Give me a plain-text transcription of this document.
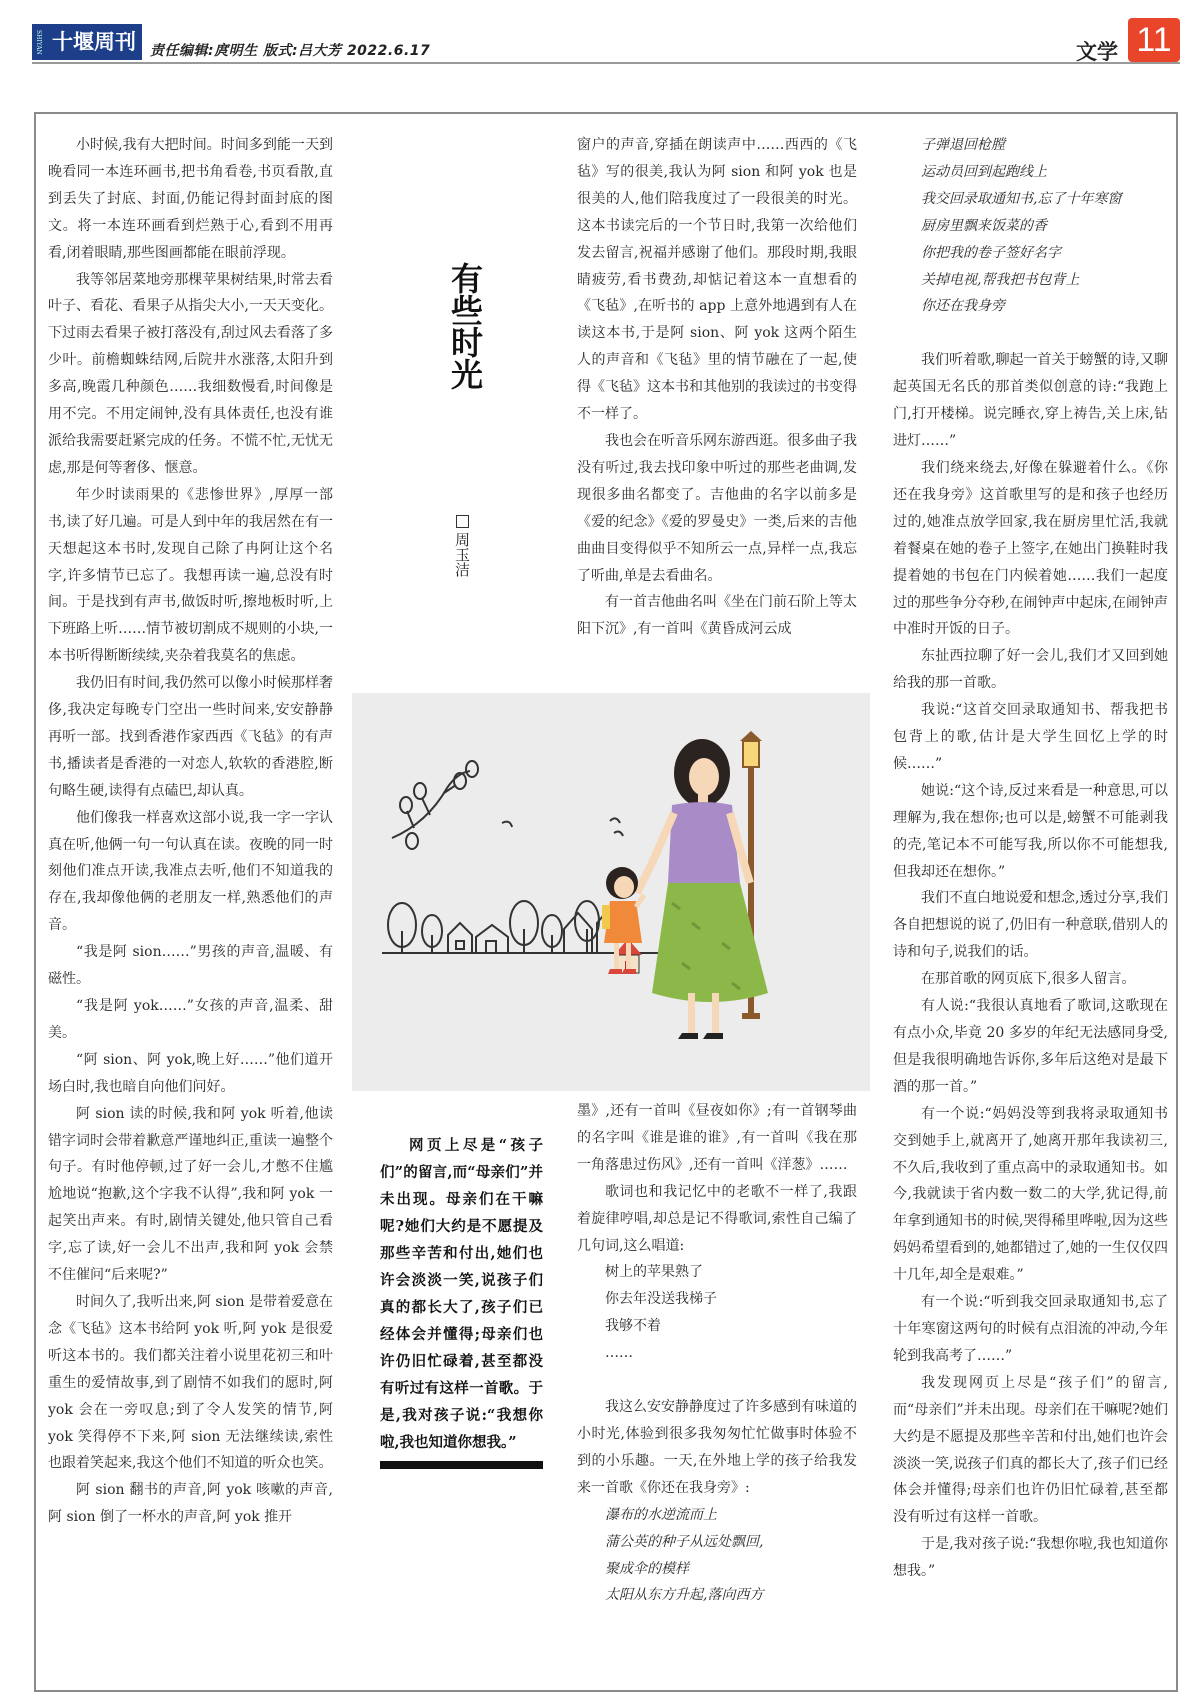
SHIYAN 十堰周刊	责任编辑:庹明生 版式:吕大芳 2022.6.17	文学 11

小时候,我有大把时间。时间多到能一天到晚看同一本连环画书,把书角看卷,书页看散,直到丢失了封底、封面,仍能记得封面封底的图文。将一本连环画看到烂熟于心,看到不用再看,闭着眼睛,那些图画都能在眼前浮现。

我等邻居菜地旁那棵苹果树结果,时常去看叶子、看花、看果子从指尖大小,一天天变化。下过雨去看果子被打落没有,刮过风去看落了多少叶。前檐蜘蛛结网,后院井水涨落,太阳升到多高,晚霞几种颜色……我细数慢看,时间像是用不完。不用定闹钟,没有具体责任,也没有谁派给我需要赶紧完成的任务。不慌不忙,无忧无虑,那是何等奢侈、惬意。

年少时读雨果的《悲惨世界》,厚厚一部书,读了好几遍。可是人到中年的我居然在有一天想起这本书时,发现自己除了冉阿让这个名字,许多情节已忘了。我想再读一遍,总没有时间。于是找到有声书,做饭时听,擦地板时听,上下班路上听……情节被切割成不规则的小块,一本书听得断断续续,夹杂着我莫名的焦虑。

我仍旧有时间,我仍然可以像小时候那样奢侈,我决定每晚专门空出一些时间来,安安静静再听一部。找到香港作家西西《飞毡》的有声书,播读者是香港的一对恋人,软软的香港腔,断句略生硬,读得有点磕巴,却认真。

他们像我一样喜欢这部小说,我一字一字认真在听,他俩一句一句认真在读。夜晚的同一时刻他们准点开读,我准点去听,他们不知道我的存在,我却像他俩的老朋友一样,熟悉他们的声音。

“我是阿 sion……”男孩的声音,温暖、有磁性。

“我是阿 yok……”女孩的声音,温柔、甜美。

“阿 sion、阿 yok,晚上好……”他们道开场白时,我也暗自向他们问好。

阿 sion 读的时候,我和阿 yok 听着,他读错字词时会带着歉意严谨地纠正,重读一遍整个句子。有时他停顿,过了好一会儿,才憋不住尴尬地说“抱歉,这个字我不认得”,我和阿 yok 一起笑出声来。有时,剧情关键处,他只管自己看字,忘了读,好一会儿不出声,我和阿 yok 会禁不住催问“后来呢?”

时间久了,我听出来,阿 sion 是带着爱意在念《飞毡》这本书给阿 yok 听,阿 yok 是很爱听这本书的。我们都关注着小说里花初三和叶重生的爱情故事,到了剧情不如我们的愿时,阿 yok 会在一旁叹息;到了令人发笑的情节,阿 yok 笑得停不下来,阿 sion 无法继续读,索性也跟着笑起来,我这个他们不知道的听众也笑。

阿 sion 翻书的声音,阿 yok 咳嗽的声音,阿 sion 倒了一杯水的声音,阿 yok 推开

有些时光
周玉洁

窗户的声音,穿插在朗读声中……西西的《飞毡》写的很美,我认为阿 sion 和阿 yok 也是很美的人,他们陪我度过了一段很美的时光。这本书读完后的一个节日时,我第一次给他们发去留言,祝福并感谢了他们。那段时期,我眼睛疲劳,看书费劲,却惦记着这本一直想看的《飞毡》,在听书的 app 上意外地遇到有人在读这本书,于是阿 sion、阿 yok 这两个陌生人的声音和《飞毡》里的情节融在了一起,使得《飞毡》这本书和其他别的我读过的书变得不一样了。

我也会在听音乐网东游西逛。很多曲子我没有听过,我去找印象中听过的那些老曲调,发现很多曲名都变了。吉他曲的名字以前多是《爱的纪念》《爱的罗曼史》一类,后来的吉他曲曲目变得似乎不知所云一点,异样一点,我忘了听曲,单是去看曲名。

有一首吉他曲名叫《坐在门前石阶上等太阳下沉》,有一首叫《黄昏成河云成

网页上尽是“孩子们”的留言,而“母亲们”并未出现。母亲们在干嘛呢?她们大约是不愿提及那些辛苦和付出,她们也许会淡淡一笑,说孩子们真的都长大了,孩子们已经体会并懂得;母亲们也许仍旧忙碌着,甚至都没有听过有这样一首歌。于是,我对孩子说:“我想你啦,我也知道你想我。”

墨》,还有一首叫《昼夜如你》;有一首钢琴曲的名字叫《谁是谁的谁》,有一首叫《我在那一角落患过伤风》,还有一首叫《洋葱》……

歌词也和我记忆中的老歌不一样了,我跟着旋律哼唱,却总是记不得歌词,索性自己编了几句词,这么唱道:

树上的苹果熟了

你去年没送我梯子

我够不着

……

我这么安安静静度过了许多感到有味道的小时光,体验到很多我匆匆忙忙做事时体验不到的小乐趣。一天,在外地上学的孩子给我发来一首歌《你还在我身旁》:

瀑布的水逆流而上

蒲公英的种子从远处飘回,

聚成伞的模样

太阳从东方升起,落向西方

子弹退回枪膛

运动员回到起跑线上

我交回录取通知书,忘了十年寒窗

厨房里飘来饭菜的香

你把我的卷子签好名字

关掉电视,帮我把书包背上

你还在我身旁

我们听着歌,聊起一首关于螃蟹的诗,又聊起英国无名氏的那首类似创意的诗:“我跑上门,打开楼梯。说完睡衣,穿上祷告,关上床,钻进灯……”

我们绕来绕去,好像在躲避着什么。《你还在我身旁》这首歌里写的是和孩子也经历过的,她准点放学回家,我在厨房里忙活,我就着餐桌在她的卷子上签字,在她出门换鞋时我提着她的书包在门内候着她……我们一起度过的那些争分夺秒,在闹钟声中起床,在闹钟声中准时开饭的日子。

东扯西拉聊了好一会儿,我们才又回到她给我的那一首歌。

我说:“这首交回录取通知书、帮我把书包背上的歌,估计是大学生回忆上学的时候……”

她说:“这个诗,反过来看是一种意思,可以理解为,我在想你;也可以是,螃蟹不可能剥我的壳,笔记本不可能写我,所以你不可能想我,但我却还在想你。”

我们不直白地说爱和想念,透过分享,我们各自把想说的说了,仍旧有一种意联,借别人的诗和句子,说我们的话。

在那首歌的网页底下,很多人留言。

有人说:“我很认真地看了歌词,这歌现在有点小众,毕竟 20 多岁的年纪无法感同身受,但是我很明确地告诉你,多年后这绝对是最下酒的那一首。”

有一个说:“妈妈没等到我将录取通知书交到她手上,就离开了,她离开那年我读初三,不久后,我收到了重点高中的录取通知书。如今,我就读于省内数一数二的大学,犹记得,前年拿到通知书的时候,哭得稀里哗啦,因为这些妈妈希望看到的,她都错过了,她的一生仅仅四十几年,却全是艰难。”

有一个说:“听到我交回录取通知书,忘了十年寒窗这两句的时候有点泪流的冲动,今年轮到我高考了……”

我发现网页上尽是“孩子们”的留言,而“母亲们”并未出现。母亲们在干嘛呢?她们大约是不愿提及那些辛苦和付出,她们也许会淡淡一笑,说孩子们真的都长大了,孩子们已经体会并懂得;母亲们也许仍旧忙碌着,甚至都没有听过有这样一首歌。

于是,我对孩子说:“我想你啦,我也知道你想我。”
